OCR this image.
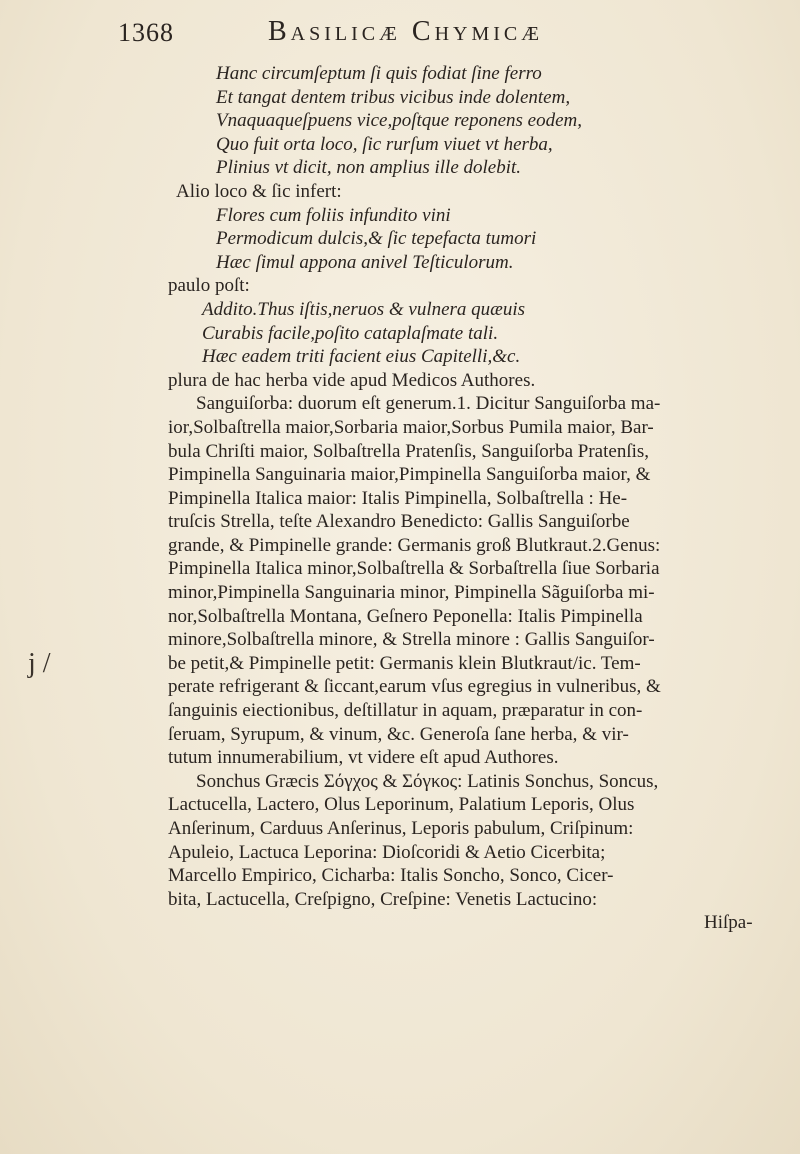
1368	Basilicæ Chymicæ
j /
Hanc circumſeptum ſi quis fodiat ſine ferro
Et tangat dentem tribus vicibus inde dolentem,
Vnaquaqueſpuens vice,poſtque reponens eodem,
Quo fuit orta loco, ſic rurſum viuet vt herba,
Plinius vt dicit, non amplius ille dolebit.
Alio loco & ſic infert:
Flores cum foliis infundito vini
Permodicum dulcis,& ſic tepefacta tumori
Hæc ſimul appona anivel Teſticulorum.
paulo poſt:
Addito.Thus iſtis,neruos & vulnera quæuis
Curabis facile,poſito cataplaſmate tali.
Hæc eadem triti facient eius Capitelli,&c.
plura de hac herba vide apud Medicos Authores.
Sanguiſorba: duorum eſt generum.1. Dicitur Sanguiſorba ma-
ior,Solbaſtrella maior,Sorbaria maior,Sorbus Pumila maior, Bar-
bula Chriſti maior, Solbaſtrella Pratenſis, Sanguiſorba Pratenſis,
Pimpinella Sanguinaria maior,Pimpinella Sanguiſorba maior, &
Pimpinella Italica maior: Italis Pimpinella, Solbaſtrella : He-
truſcis Strella, teſte Alexandro Benedicto: Gallis Sanguiſorbe
grande, & Pimpinelle grande: Germanis groß Blutkraut.2.Genus:
Pimpinella Italica minor,Solbaſtrella & Sorbaſtrella ſiue Sorbaria
minor,Pimpinella Sanguinaria minor, Pimpinella Sãguiſorba mi-
nor,Solbaſtrella Montana, Geſnero Peponella: Italis Pimpinella
minore,Solbaſtrella minore, & Strella minore : Gallis Sanguiſor-
be petit,& Pimpinelle petit: Germanis klein Blutkraut/ic. Tem-
perate refrigerant & ſiccant,earum vſus egregius in vulneribus, &
ſanguinis eiectionibus, deſtillatur in aquam, præparatur in con-
ſeruam, Syrupum, & vinum, &c. Generoſa ſane herba, & vir-
tutum innumerabilium, vt videre eſt apud Authores.
Sonchus Græcis Σόγχος & Σόγκος: Latinis Sonchus, Soncus,
Lactucella, Lactero, Olus Leporinum, Palatium Leporis, Olus
Anſerinum, Carduus Anſerinus, Leporis pabulum, Criſpinum:
Apuleio, Lactuca Leporina: Dioſcoridi & Aetio Cicerbita;
Marcello Empirico, Cicharba: Italis Soncho, Sonco, Cicer-
bita, Lactucella, Creſpigno, Creſpine: Venetis Lactucino:
Hiſpa-
